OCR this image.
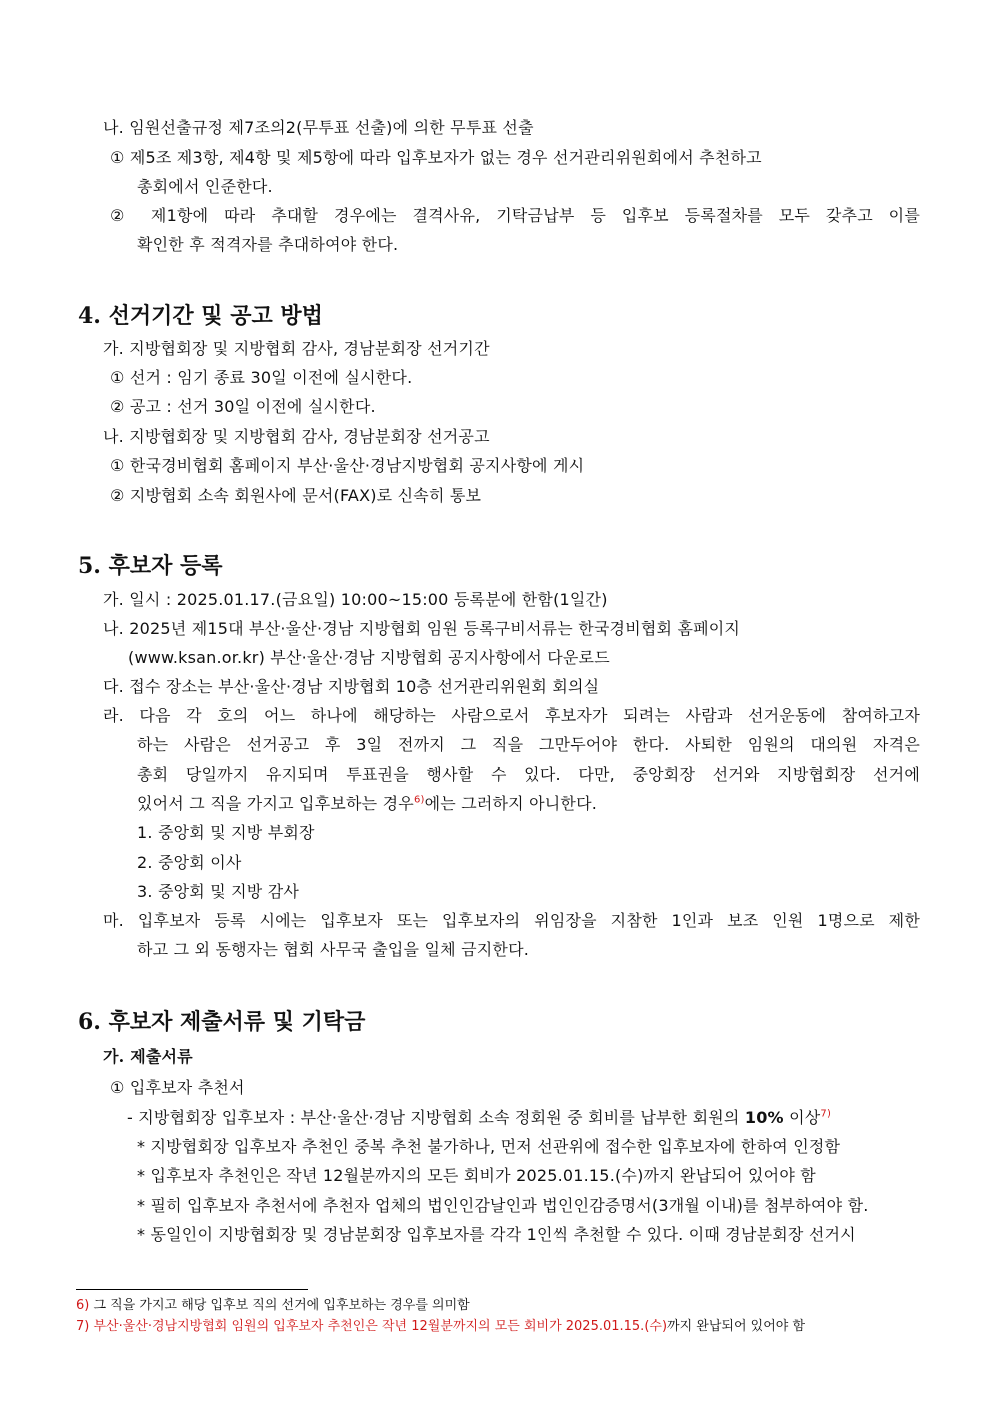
나. 임원선출규정 제7조의2(무투표 선출)에 의한 무투표 선출
① 제5조 제3항, 제4항 및 제5항에 따라 입후보자가 없는 경우 선거관리위원회에서 추천하고
총회에서 인준한다.
② 제1항에 따라 추대할 경우에는 결격사유, 기탁금납부 등 입후보 등록절차를 모두 갖추고 이를
확인한 후 적격자를 추대하여야 한다.
4. 선거기간 및 공고 방법
가. 지방협회장 및 지방협회 감사, 경남분회장 선거기간
① 선거 : 임기 종료 30일 이전에 실시한다.
② 공고 : 선거 30일 이전에 실시한다.
나. 지방협회장 및 지방협회 감사, 경남분회장 선거공고
① 한국경비협회 홈페이지 부산·울산·경남지방협회 공지사항에 게시
② 지방협회 소속 회원사에 문서(FAX)로 신속히 통보
5. 후보자 등록
가. 일시 : 2025.01.17.(금요일) 10:00~15:00 등록분에 한함(1일간)
나. 2025년 제15대 부산·울산·경남 지방협회 임원 등록구비서류는 한국경비협회 홈페이지
(www.ksan.or.kr) 부산·울산·경남 지방협회 공지사항에서 다운로드
다. 접수 장소는 부산·울산·경남 지방협회 10층 선거관리위원회 회의실
라. 다음 각 호의 어느 하나에 해당하는 사람으로서 후보자가 되려는 사람과 선거운동에 참여하고자
하는 사람은 선거공고 후 3일 전까지 그 직을 그만두어야 한다. 사퇴한 임원의 대의원 자격은
총회 당일까지 유지되며 투표권을 행사할 수 있다. 다만, 중앙회장 선거와 지방협회장 선거에
있어서 그 직을 가지고 입후보하는 경우$^{6)}$에는 그러하지 아니한다.
1. 중앙회 및 지방 부회장
2. 중앙회 이사
3. 중앙회 및 지방 감사
마. 입후보자 등록 시에는 입후보자 또는 입후보자의 위임장을 지참한 1인과 보조 인원 1명으로 제한
하고 그 외 동행자는 협회 사무국 출입을 일체 금지한다.
6. 후보자 제출서류 및 기탁금
가. 제출서류
① 입후보자 추천서
- 지방협회장 입후보자 : 부산·울산·경남 지방협회 소속 정회원 중 회비를 납부한 회원의 10% 이상$^{7)}$
* 지방협회장 입후보자 추천인 중복 추천 불가하나, 먼저 선관위에 접수한 입후보자에 한하여 인정함
* 입후보자 추천인은 작년 12월분까지의 모든 회비가 2025.01.15.(수)까지 완납되어 있어야 함
* 필히 입후보자 추천서에 추천자 업체의 법인인감날인과 법인인감증명서(3개월 이내)를 첨부하여야 함.
* 동일인이 지방협회장 및 경남분회장 입후보자를 각각 1인씩 추천할 수 있다. 이때 경남분회장 선거시
6) 그 직을 가지고 해당 입후보 직의 선거에 입후보하는 경우를 의미함
7) 부산·울산·경남지방협회 임원의 입후보자 추천인은 작년 12월분까지의 모든 회비가 2025.01.15.(수)까지 완납되어 있어야 함
